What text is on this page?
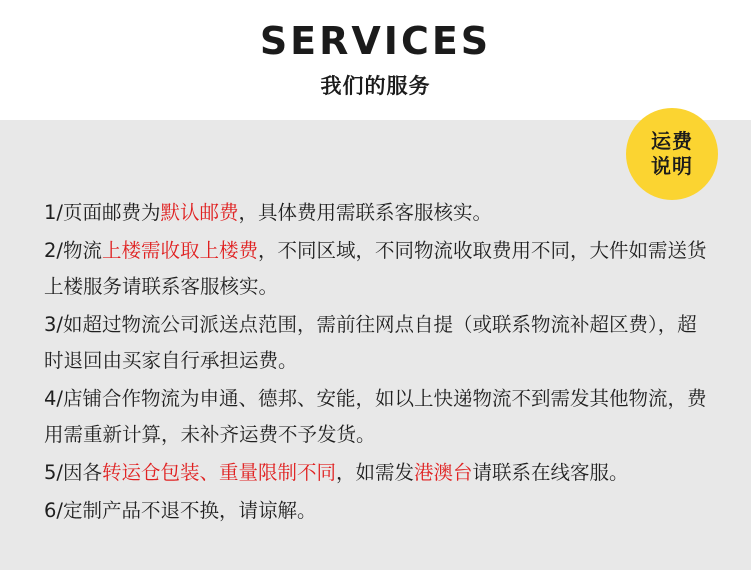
SERVICES
我们的服务
运费
说明

1/页面邮费为默认邮费，具体费用需联系客服核实。

2/物流上楼需收取上楼费，不同区域，不同物流收取费用不同，大件如需送货上楼服务请联系客服核实。

3/如超过物流公司派送点范围，需前往网点自提（或联系物流补超区费），超时退回由买家自行承担运费。

4/店铺合作物流为申通、德邦、安能，如以上快递物流不到需发其他物流，费用需重新计算，未补齐运费不予发货。

5/因各转运仓包装、重量限制不同，如需发港澳台请联系在线客服。

6/定制产品不退不换，请谅解。
